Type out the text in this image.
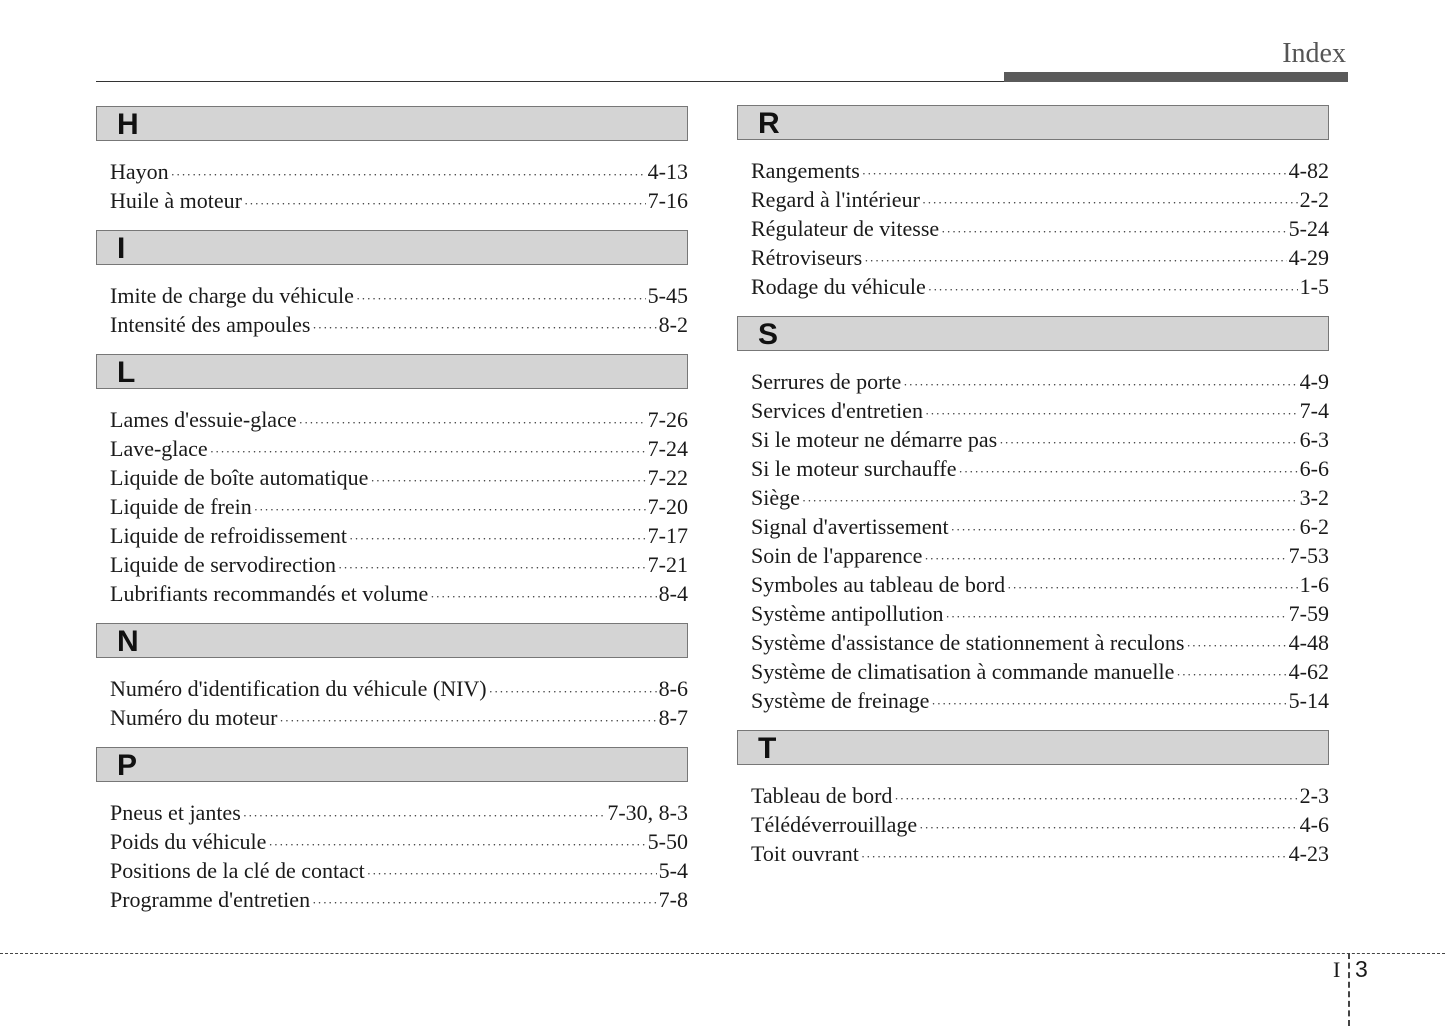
Index
H
Hayon ·····	4-13
Huile à moteur ·····	7-16
I
Imite de charge du véhicule ·····	5-45
Intensité des ampoules ·····	8-2
L
Lames d'essuie-glace ·····	7-26
Lave-glace ·····	7-24
Liquide de boîte automatique ·····	7-22
Liquide de frein ·····	7-20
Liquide de refroidissement ·····	7-17
Liquide de servodirection ·····	7-21
Lubrifiants recommandés et volume ·····	8-4
N
Numéro d'identification du véhicule (NIV) ·····	8-6
Numéro du moteur ·····	8-7
P
Pneus et jantes ·····	7-30, 8-3
Poids du véhicule ·····	5-50
Positions de la clé de contact ·····	5-4
Programme d'entretien ·····	7-8
R
Rangements ·····	4-82
Regard à l'intérieur ·····	2-2
Régulateur de vitesse ·····	5-24
Rétroviseurs ·····	4-29
Rodage du véhicule ·····	1-5
S
Serrures de porte ·····	4-9
Services d'entretien ·····	7-4
Si le moteur ne démarre pas ·····	6-3
Si le moteur surchauffe ·····	6-6
Siège ·····	3-2
Signal d'avertissement ·····	6-2
Soin de l'apparence ·····	7-53
Symboles au tableau de bord ·····	1-6
Système antipollution ·····	7-59
Système d'assistance de stationnement à reculons ·····	4-48
Système de climatisation à commande manuelle ·····	4-62
Système de freinage ·····	5-14
T
Tableau de bord ·····	2-3
Télédéverrouillage ·····	4-6
Toit ouvrant ·····	4-23
I 3
